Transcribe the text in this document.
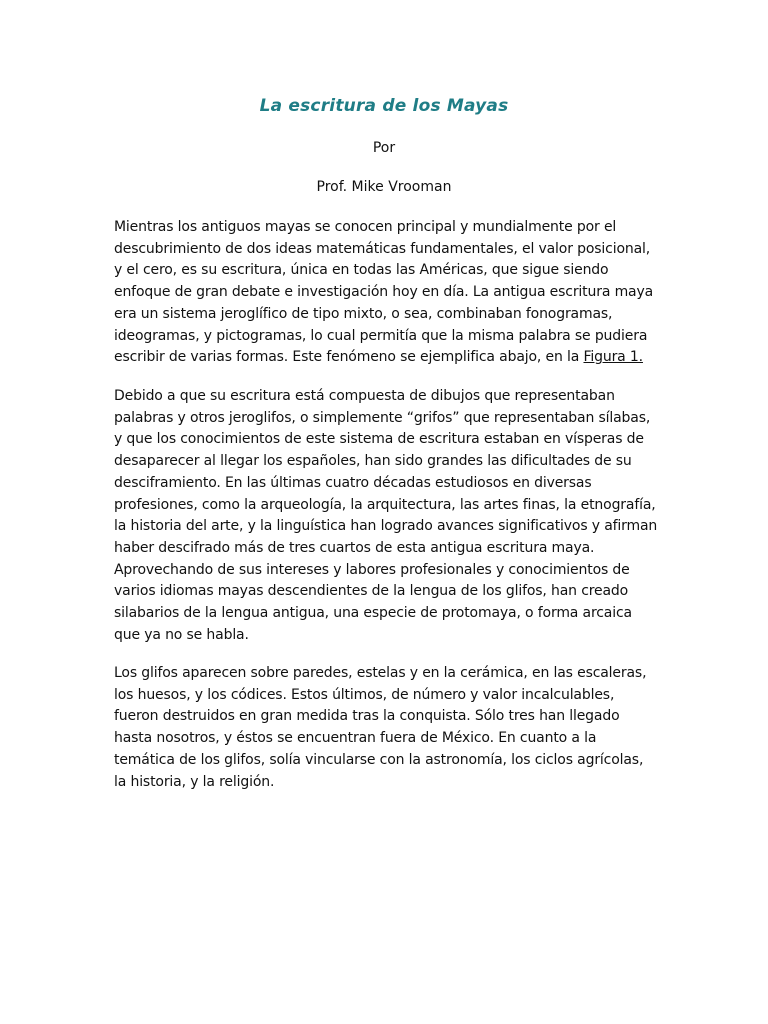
La escritura de los Mayas
Por
Prof. Mike Vrooman

Mientras los antiguos mayas se conocen principal y mundialmente por el descubrimiento de dos ideas matemáticas fundamentales, el valor posicional, y el cero, es su escritura, única en todas las Américas, que sigue siendo enfoque de gran debate e investigación hoy en día. La antigua escritura maya era un sistema jeroglífico de tipo mixto, o sea, combinaban fonogramas, ideogramas, y pictogramas, lo cual permitía que la misma palabra se pudiera escribir de varias formas. Este fenómeno se ejemplifica abajo, en la Figura 1.

Debido a que su escritura está compuesta de dibujos que representaban palabras y otros jeroglifos, o simplemente “grifos” que representaban sílabas, y que los conocimientos de este sistema de escritura estaban en vísperas de desaparecer al llegar los españoles, han sido grandes las dificultades de su desciframiento. En las últimas cuatro décadas estudiosos en diversas profesiones, como la arqueología, la arquitectura, las artes finas, la etnografía, la historia del arte, y la linguística han logrado avances significativos y afirman haber descifrado más de tres cuartos de esta antigua escritura maya. Aprovechando de sus intereses y labores profesionales y conocimientos de varios idiomas mayas descendientes de la lengua de los glifos, han creado silabarios de la lengua antigua, una especie de protomaya, o forma arcaica que ya no se habla.

Los glifos aparecen sobre paredes, estelas y en la cerámica, en las escaleras, los huesos, y los códices. Estos últimos, de número y valor incalculables, fueron destruidos en gran medida tras la conquista. Sólo tres han llegado hasta nosotros, y éstos se encuentran fuera de México. En cuanto a la temática de los glifos, solía vincularse con la astronomía, los ciclos agrícolas, la historia, y la religión.
